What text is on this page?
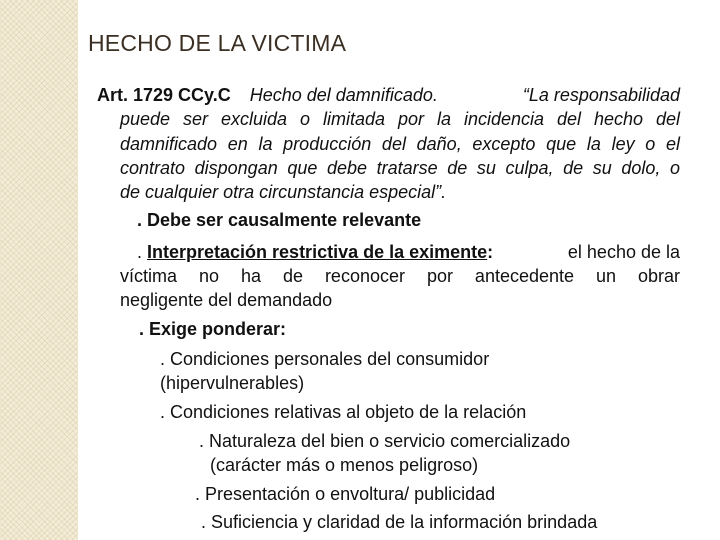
HECHO DE LA VICTIMA
Art. 1729 CCy.C Hecho del damnificado.	“La responsabilidad
puede ser excluida o limitada por la incidencia del hecho del
damnificado en la producción del daño, excepto que la ley o el
contrato dispongan que debe tratarse de su culpa, de su dolo, o
de cualquier otra circunstancia especial”.
. Debe ser causalmente relevante
. Interpretación restrictiva de la eximente:	el hecho de la
víctima no ha de reconocer por antecedente un obrar
negligente del demandado
. Exige ponderar:
. Condiciones personales del consumidor
(hipervulnerables)
. Condiciones relativas al objeto de la relación
. Naturaleza del bien o servicio comercializado
(carácter más o menos peligroso)
. Presentación o envoltura/ publicidad
. Suficiencia y claridad de la información brindada
